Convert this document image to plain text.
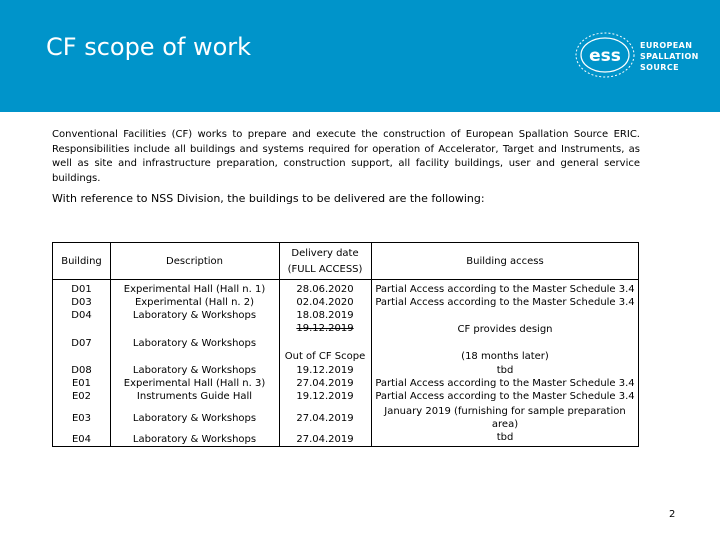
CF scope of work	ess
EUROPEAN
SPALLATION
SOURCE
Conventional Facilities (CF) works to prepare and execute the construction of European Spallation Source ERIC. Responsibilities include all buildings and systems required for operation of Accelerator, Target and Instruments, as well as site and infrastructure preparation, construction support, all facility buildings, user and general service buildings.
With reference to NSS Division, the buildings to be delivered are the following:
Building	Description
Delivery date
(FULL ACCESS)
Building access
D01
D03
D04
D07
D08
E01
E02
E03
E04
Experimental Hall (Hall n. 1)
Experimental (Hall n. 2)
Laboratory & Workshops
Laboratory & Workshops
Laboratory & Workshops
Experimental Hall (Hall n. 3)
Instruments Guide Hall
Laboratory & Workshops
Laboratory & Workshops
28.06.2020
02.04.2020
18.08.2019
19.12.2019
Out of CF Scope
19.12.2019
27.04.2019
19.12.2019
27.04.2019
27.04.2019
Partial Access according to the Master Schedule 3.4
Partial Access according to the Master Schedule 3.4
CF provides design
(18 months later)
tbd
Partial Access according to the Master Schedule 3.4
Partial Access according to the Master Schedule 3.4
January 2019 (furnishing for sample preparation
area)
tbd
2
